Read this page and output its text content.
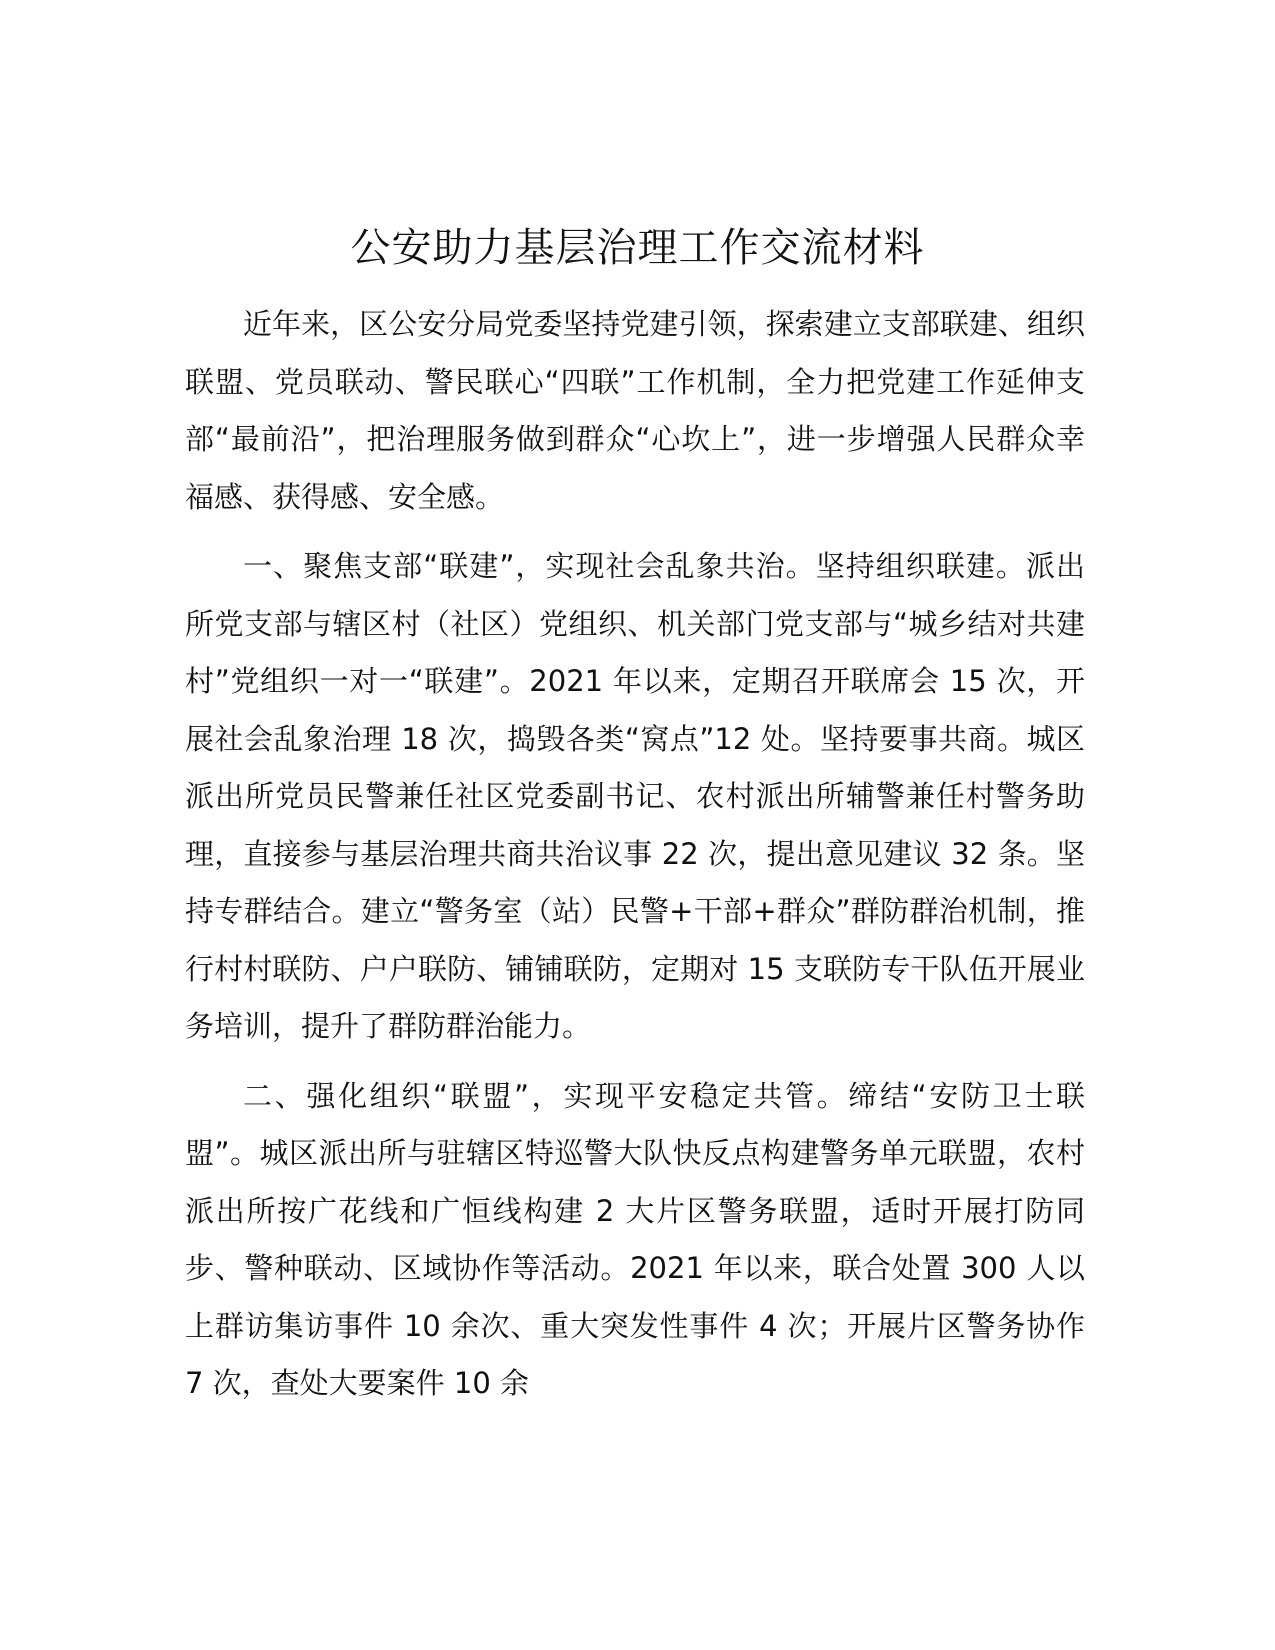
公安助力基层治理工作交流材料

近年来，区公安分局党委坚持党建引领，探索建立支部联建、组织联盟、党员联动、警民联心“四联”工作机制，全力把党建工作延伸支部“最前沿”，把治理服务做到群众“心坎上”，进一步增强人民群众幸福感、获得感、安全感。

一、聚焦支部“联建”，实现社会乱象共治。坚持组织联建。派出所党支部与辖区村（社区）党组织、机关部门党支部与“城乡结对共建村”党组织一对一“联建”。2021 年以来，定期召开联席会 15 次，开展社会乱象治理 18 次，捣毁各类“窝点”12 处。坚持要事共商。城区派出所党员民警兼任社区党委副书记、农村派出所辅警兼任村警务助理，直接参与基层治理共商共治议事 22 次，提出意见建议 32 条。坚持专群结合。建立“警务室（站）民警+干部+群众”群防群治机制，推行村村联防、户户联防、铺铺联防，定期对 15 支联防专干队伍开展业务培训，提升了群防群治能力。

二、强化组织“联盟”，实现平安稳定共管。缔结“安防卫士联盟”。城区派出所与驻辖区特巡警大队快反点构建警务单元联盟，农村派出所按广花线和广恒线构建 2 大片区警务联盟，适时开展打防同步、警种联动、区域协作等活动。2021 年以来，联合处置 300 人以上群访集访事件 10 余次、重大突发性事件 4 次；开展片区警务协作 7 次，查处大要案件 10 余
